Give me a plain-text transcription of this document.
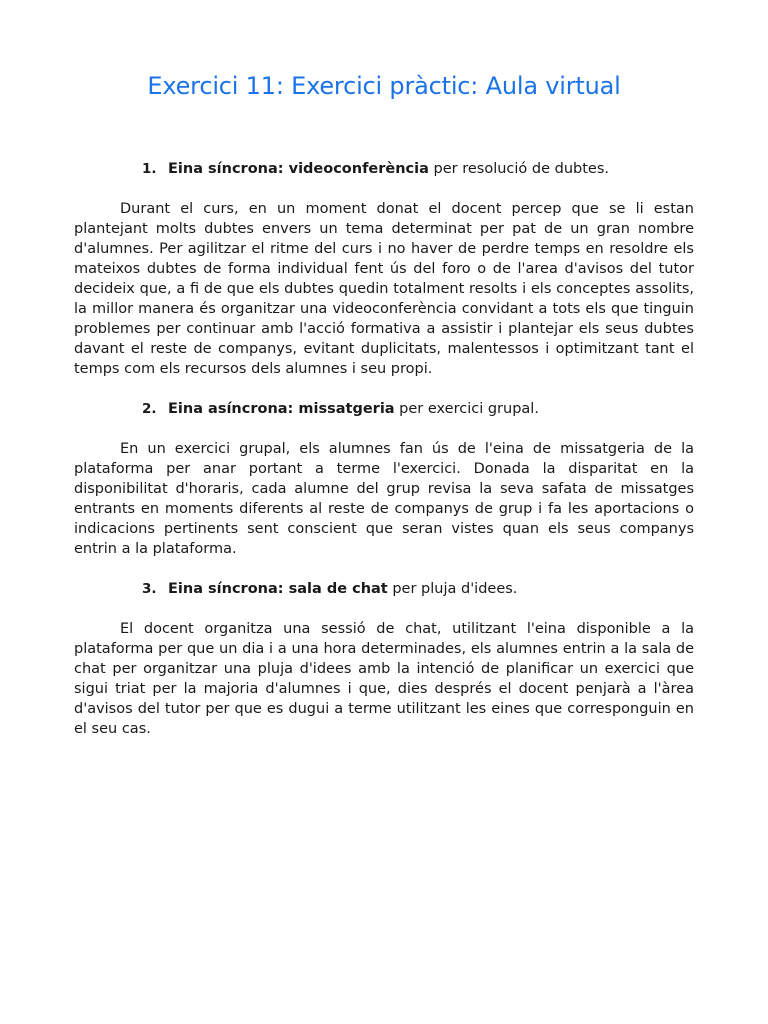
Exercici 11: Exercici pràctic: Aula virtual

1. Eina síncrona: videoconferència per resolució de dubtes.

Durant el curs, en un moment donat el docent percep que se li estan plantejant molts dubtes envers un tema determinat per pat de un gran nombre d'alumnes. Per agilitzar el ritme del curs i no haver de perdre temps en resoldre els mateixos dubtes de forma individual fent ús del foro o de l'area d'avisos del tutor decideix que, a fi de que els dubtes quedin totalment resolts i els conceptes assolits, la millor manera és organitzar una videoconferència convidant a tots els que tinguin problemes per continuar amb l'acció formativa a assistir i plantejar els seus dubtes davant el reste de companys, evitant duplicitats, malentessos i optimitzant tant el temps com els recursos dels alumnes i seu propi.

2. Eina asíncrona: missatgeria per exercici grupal.

En un exercici grupal, els alumnes fan ús de l'eina de missatgeria de la plataforma per anar portant a terme l'exercici. Donada la disparitat en la disponibilitat d'horaris, cada alumne del grup revisa la seva safata de missatges entrants en moments diferents al reste de companys de grup i fa les aportacions o indicacions pertinents sent conscient que seran vistes quan els seus companys entrin a la plataforma.

3. Eina síncrona: sala de chat per pluja d'idees.

El docent organitza una sessió de chat, utilitzant l'eina disponible a la plataforma per que un dia i a una hora determinades, els alumnes entrin a la sala de chat per organitzar una pluja d'idees amb la intenció de planificar un exercici que sigui triat per la majoria d'alumnes i que, dies després el docent penjarà a l'àrea d'avisos del tutor per que es dugui a terme utilitzant les eines que corresponguin en el seu cas.
